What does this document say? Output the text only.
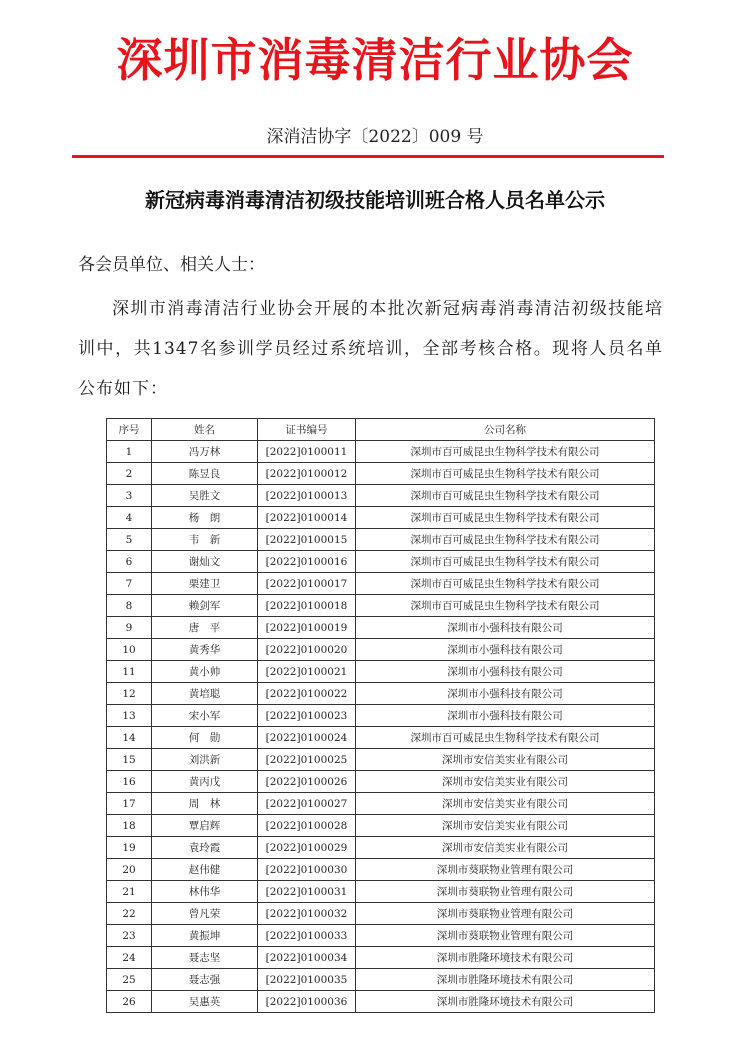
深圳市消毒清洁行业协会
深消洁协字〔2022〕009 号
新冠病毒消毒清洁初级技能培训班合格人员名单公示
各会员单位、相关人士：
深圳市消毒清洁行业协会开展的本批次新冠病毒消毒清洁初级技能培训中，共1347名参训学员经过系统培训，全部考核合格。现将人员名单公布如下：
序号	姓名	证书编号	公司名称
1	冯万林	[2022]0100011	深圳市百可威昆虫生物科学技术有限公司
2	陈昱良	[2022]0100012	深圳市百可威昆虫生物科学技术有限公司
3	吴胜文	[2022]0100013	深圳市百可威昆虫生物科学技术有限公司
4	杨　朗	[2022]0100014	深圳市百可威昆虫生物科学技术有限公司
5	韦　新	[2022]0100015	深圳市百可威昆虫生物科学技术有限公司
6	谢灿文	[2022]0100016	深圳市百可威昆虫生物科学技术有限公司
7	栗建卫	[2022]0100017	深圳市百可威昆虫生物科学技术有限公司
8	赖剑军	[2022]0100018	深圳市百可威昆虫生物科学技术有限公司
9	唐　平	[2022]0100019	深圳市小强科技有限公司
10	黄秀华	[2022]0100020	深圳市小强科技有限公司
11	黄小帅	[2022]0100021	深圳市小强科技有限公司
12	黄培聪	[2022]0100022	深圳市小强科技有限公司
13	宋小军	[2022]0100023	深圳市小强科技有限公司
14	何　勋	[2022]0100024	深圳市百可威昆虫生物科学技术有限公司
15	刘洪新	[2022]0100025	深圳市安信美实业有限公司
16	黄丙戊	[2022]0100026	深圳市安信美实业有限公司
17	周　林	[2022]0100027	深圳市安信美实业有限公司
18	覃启辉	[2022]0100028	深圳市安信美实业有限公司
19	袁玲霞	[2022]0100029	深圳市安信美实业有限公司
20	赵伟健	[2022]0100030	深圳市葵联物业管理有限公司
21	林伟华	[2022]0100031	深圳市葵联物业管理有限公司
22	曾凡荣	[2022]0100032	深圳市葵联物业管理有限公司
23	黄振坤	[2022]0100033	深圳市葵联物业管理有限公司
24	聂志坚	[2022]0100034	深圳市胜隆环境技术有限公司
25	聂志强	[2022]0100035	深圳市胜隆环境技术有限公司
26	吴惠英	[2022]0100036	深圳市胜隆环境技术有限公司
